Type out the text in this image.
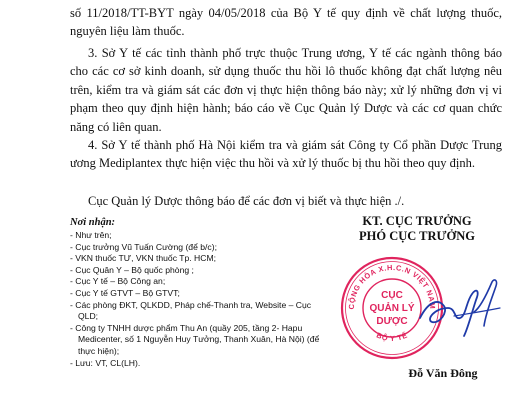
số 11/2018/TT-BYT ngày 04/05/2018 của Bộ Y tế quy định về chất lượng thuốc, nguyên liệu làm thuốc.

3. Sở Y tế các tỉnh thành phố trực thuộc Trung ương, Y tế các ngành thông báo cho các cơ sở kinh doanh, sử dụng thuốc thu hồi lô thuốc không đạt chất lượng nêu trên, kiểm tra và giám sát các đơn vị thực hiện thông báo này; xử lý những đơn vị vi phạm theo quy định hiện hành; báo cáo về Cục Quản lý Dược và các cơ quan chức năng có liên quan.

4. Sở Y tế thành phố Hà Nội kiểm tra và giám sát Công ty Cổ phần Dược Trung ương Mediplantex thực hiện việc thu hồi và xử lý thuốc bị thu hồi theo quy định.

Cục Quản lý Dược thông báo để các đơn vị biết và thực hiện ./.

Nơi nhận:

- Như trên;
- Cục trưởng Vũ Tuấn Cường (để b/c);
- VKN thuốc TƯ, VKN thuốc Tp. HCM;
- Cục Quân Y – Bộ quốc phòng ;
- Cục Y tế – Bộ Công an;
- Cục Y tế GTVT – Bộ GTVT;
- Các phòng ĐKT, QLKDD, Pháp chế-Thanh tra, Website – Cục QLD;
- Công ty TNHH dược phẩm Thu An (quầy 205, tầng 2- Hapu Medicenter, số 1 Nguyễn Huy Tưởng, Thanh Xuân, Hà Nội) (để thực hiện);
- Lưu: VT, CL(LH).

KT. CỤC TRƯỞNG

PHÓ CỤC TRƯỞNG

CỘNG HÒA X.H.C.N VIỆT NAM
BỘ Y TẾ
CỤC
QUẢN LÝ
DƯỢC

Đỗ Văn Đông
